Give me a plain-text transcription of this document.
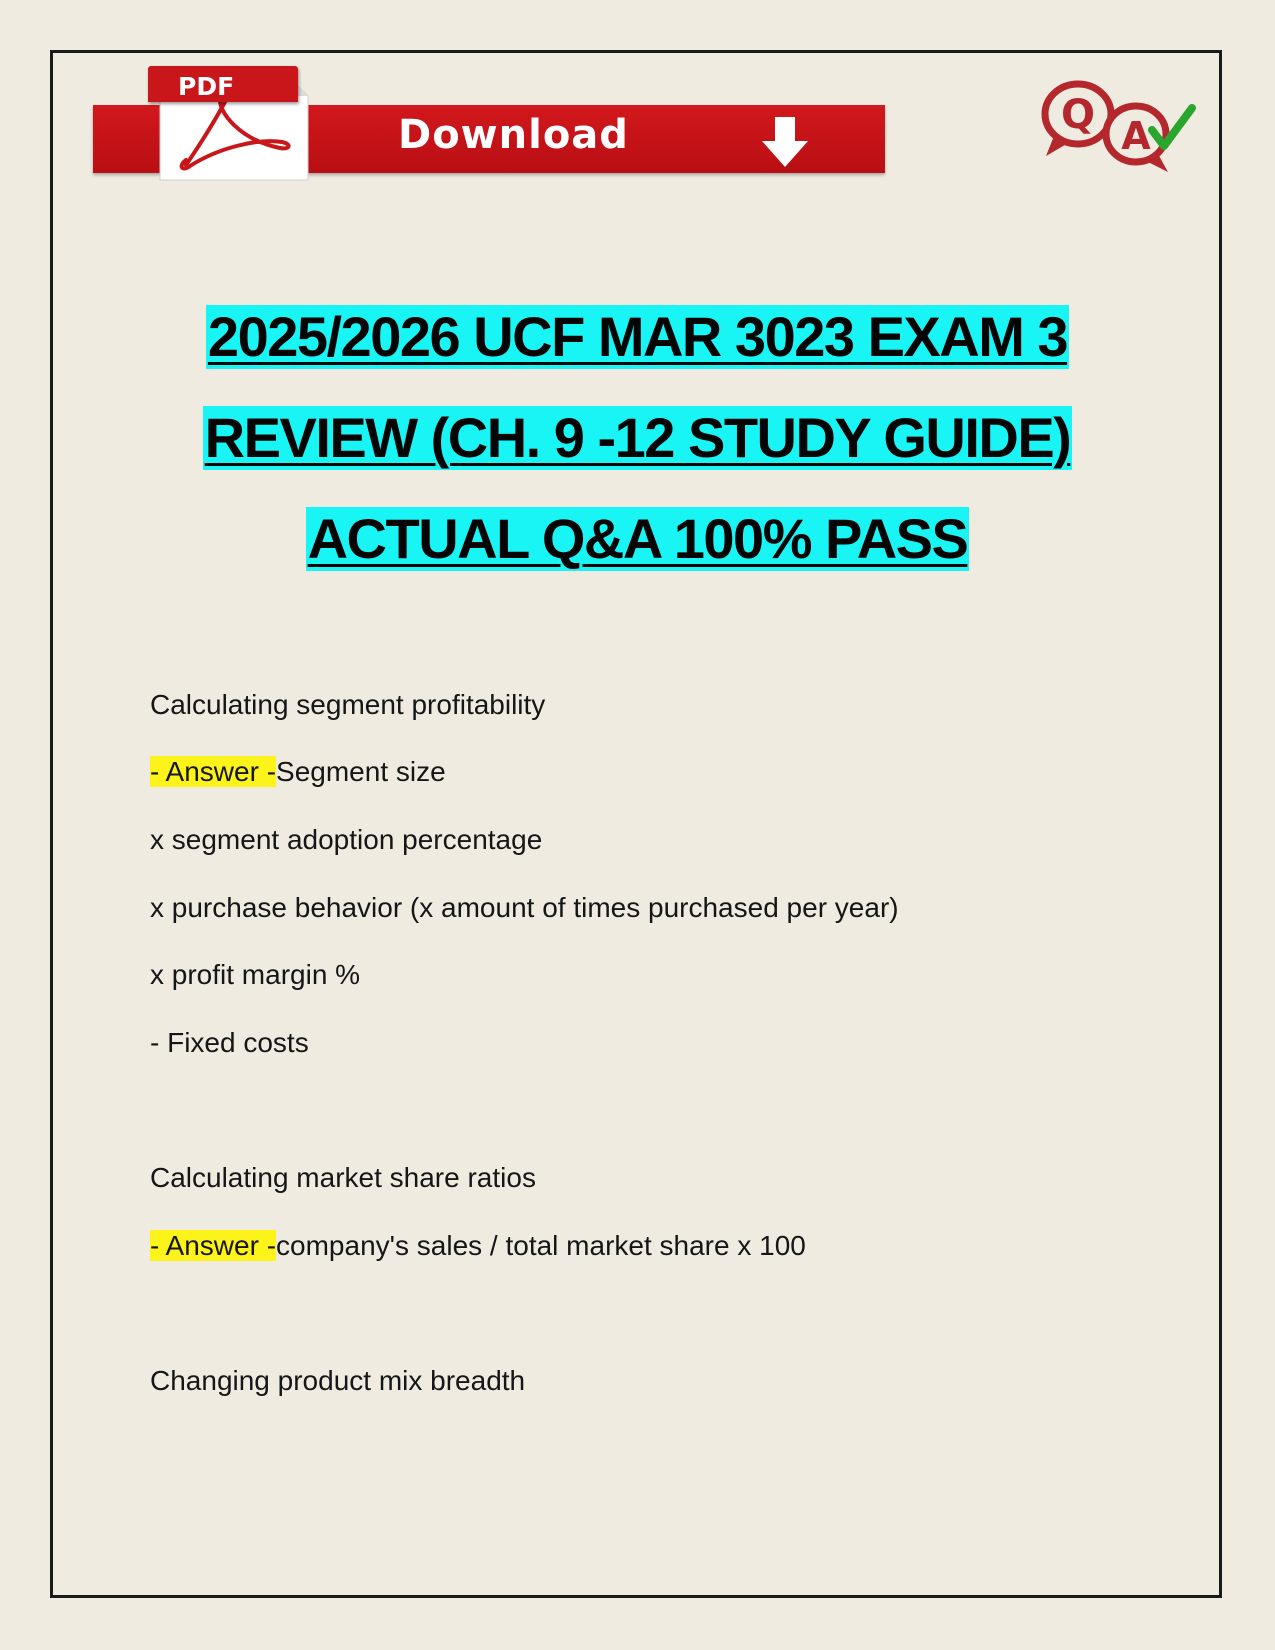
Download
PDF
Q A
2025/2026 UCF MAR 3023 EXAM 3
REVIEW (CH. 9 -12 STUDY GUIDE)
ACTUAL Q&A 100% PASS
Calculating segment profitability
- Answer -Segment size
x segment adoption percentage
x purchase behavior (x amount of times purchased per year)
x profit margin %
- Fixed costs
Calculating market share ratios
- Answer -company's sales / total market share x 100
Changing product mix breadth
